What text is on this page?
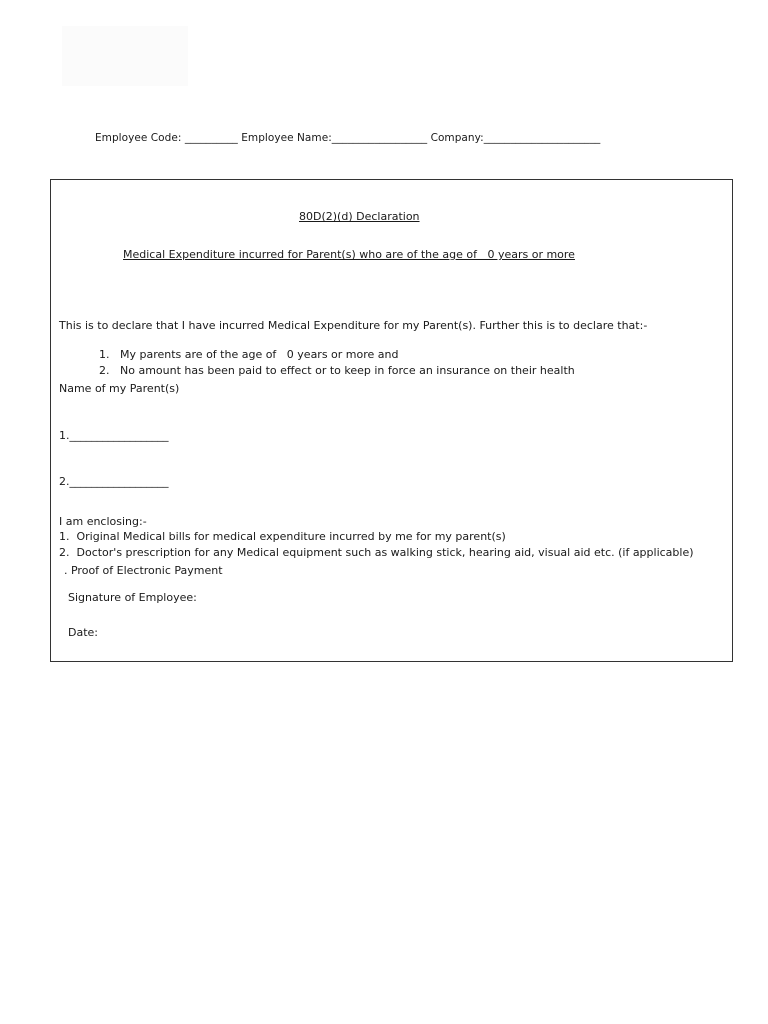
Employee Code: __________ Employee Name:__________________ Company:______________________
80D(2)(d) Declaration
Medical Expenditure incurred for Parent(s) who are of the age of   0 years or more
This is to declare that I have incurred Medical Expenditure for my Parent(s). Further this is to declare that:-

1. My parents are of the age of   0 years or more and

2. No amount has been paid to effect or to keep in force an insurance on their health

Name of my Parent(s)
1.__________________
2.__________________
I am enclosing:-
1.  Original Medical bills for medical expenditure incurred by me for my parent(s)
2.  Doctor's prescription for any Medical equipment such as walking stick, hearing aid, visual aid etc. (if applicable)
. Proof of Electronic Payment
Signature of Employee:
Date:
